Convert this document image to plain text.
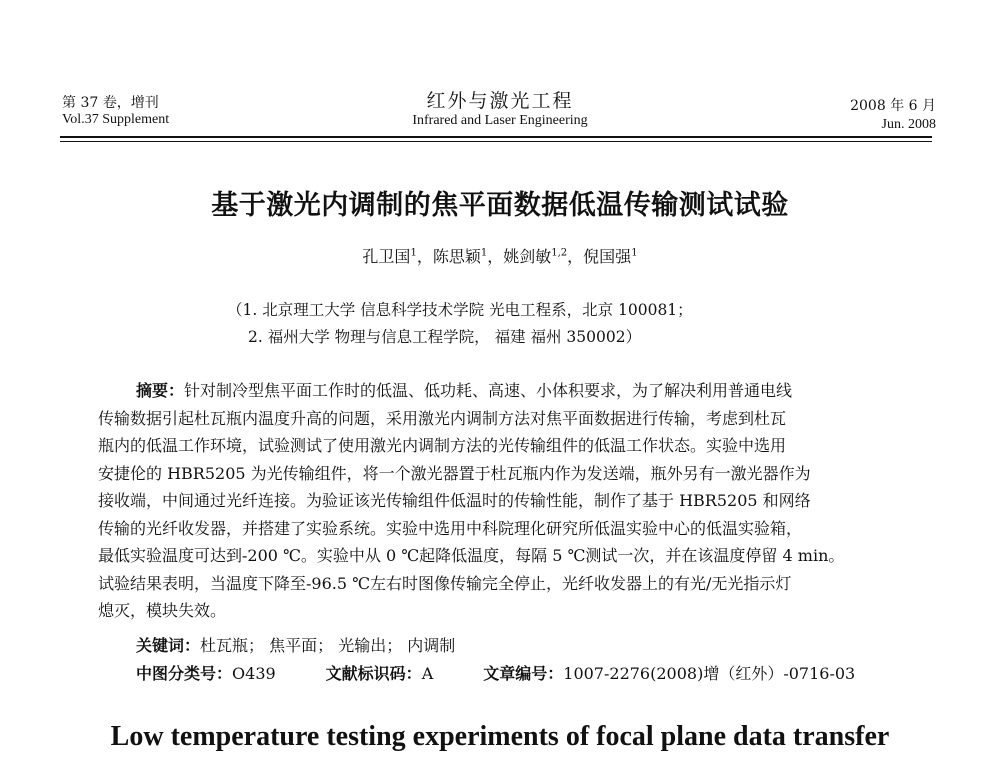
第 37 卷，增刊
Vol.37 Supplement
红外与激光工程
Infrared and Laser Engineering
2008 年 6 月
Jun. 2008
基于激光内调制的焦平面数据低温传输测试试验
孔卫国$^1$，陈思颖$^1$，姚剑敏$^{1,2}$，倪国强$^1$
（1. 北京理工大学 信息科学技术学院 光电工程系，北京 100081；
2. 福州大学 物理与信息工程学院， 福建 福州 350002）
摘要：针对制冷型焦平面工作时的低温、低功耗、高速、小体积要求，为了解决利用普通电线
传输数据引起杜瓦瓶内温度升高的问题，采用激光内调制方法对焦平面数据进行传输，考虑到杜瓦
瓶内的低温工作环境，试验测试了使用激光内调制方法的光传输组件的低温工作状态。实验中选用
安捷伦的 HBR5205 为光传输组件，将一个激光器置于杜瓦瓶内作为发送端，瓶外另有一激光器作为
接收端，中间通过光纤连接。为验证该光传输组件低温时的传输性能，制作了基于 HBR5205 和网络
传输的光纤收发器，并搭建了实验系统。实验中选用中科院理化研究所低温实验中心的低温实验箱，
最低实验温度可达到-200 ℃。实验中从 0 ℃起降低温度，每隔 5 ℃测试一次，并在该温度停留 4 min。
试验结果表明，当温度下降至-96.5 ℃左右时图像传输完全停止，光纤收发器上的有光/无光指示灯
熄灭，模块失效。
关键词：杜瓦瓶； 焦平面； 光输出； 内调制
中图分类号：O439	文献标识码：A	文章编号：1007-2276(2008)增（红外）-0716-03
Low temperature testing experiments of focal plane data transfer
